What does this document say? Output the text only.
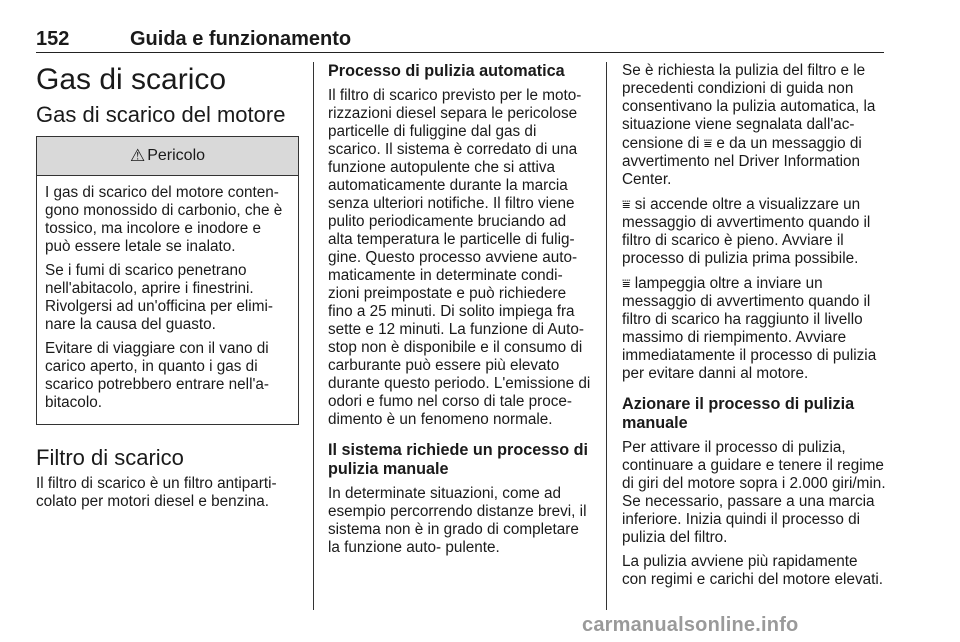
152	Guida e funzionamento
Gas di scarico
Gas di scarico del motore
⚠ Pericolo

I gas di scarico del motore conten- gono monossido di carbonio, che è tossico, ma incolore e inodore e può essere letale se inalato.

Se i fumi di scarico penetrano nell'abitacolo, aprire i finestrini. Rivolgersi ad un'officina per elimi- nare la causa del guasto.

Evitare di viaggiare con il vano di carico aperto, in quanto i gas di scarico potrebbero entrare nell'a- bitacolo.

Filtro di scarico

Il filtro di scarico è un filtro antiparti- colato per motori diesel e benzina.

Processo di pulizia automatica

Il filtro di scarico previsto per le moto- rizzazioni diesel separa le pericolose particelle di fuliggine dal gas di scarico. Il sistema è corredato di una funzione autopulente che si attiva automaticamente durante la marcia senza ulteriori notifiche. Il filtro viene pulito periodicamente bruciando ad alta temperatura le particelle di fulig- gine. Questo processo avviene auto- maticamente in determinate condi- zioni preimpostate e può richiedere fino a 25 minuti. Di solito impiega fra sette e 12 minuti. La funzione di Auto- stop non è disponibile e il consumo di carburante può essere più elevato durante questo periodo. L'emissione di odori e fumo nel corso di tale proce- dimento è un fenomeno normale.

Il sistema richiede un processo di pulizia manuale

In determinate situazioni, come ad esempio percorrendo distanze brevi, il sistema non è in grado di completare la funzione auto- pulente.

Se è richiesta la pulizia del filtro e le precedenti condizioni di guida non consentivano la pulizia automatica, la situazione viene segnalata dall'ac- censione di ⩸ e da un messaggio di avvertimento nel Driver Information Center.

⩸ si accende oltre a visualizzare un messaggio di avvertimento quando il filtro di scarico è pieno. Avviare il processo di pulizia prima possibile.

⩸ lampeggia oltre a inviare un messaggio di avvertimento quando il filtro di scarico ha raggiunto il livello massimo di riempimento. Avviare immediatamente il processo di pulizia per evitare danni al motore.

Azionare il processo di pulizia manuale

Per attivare il processo di pulizia, continuare a guidare e tenere il regime di giri del motore sopra i 2.000 giri/min. Se necessario, passare a una marcia inferiore. Inizia quindi il processo di pulizia del filtro.

La pulizia avviene più rapidamente con regimi e carichi del motore elevati.

carmanualsonline.info
